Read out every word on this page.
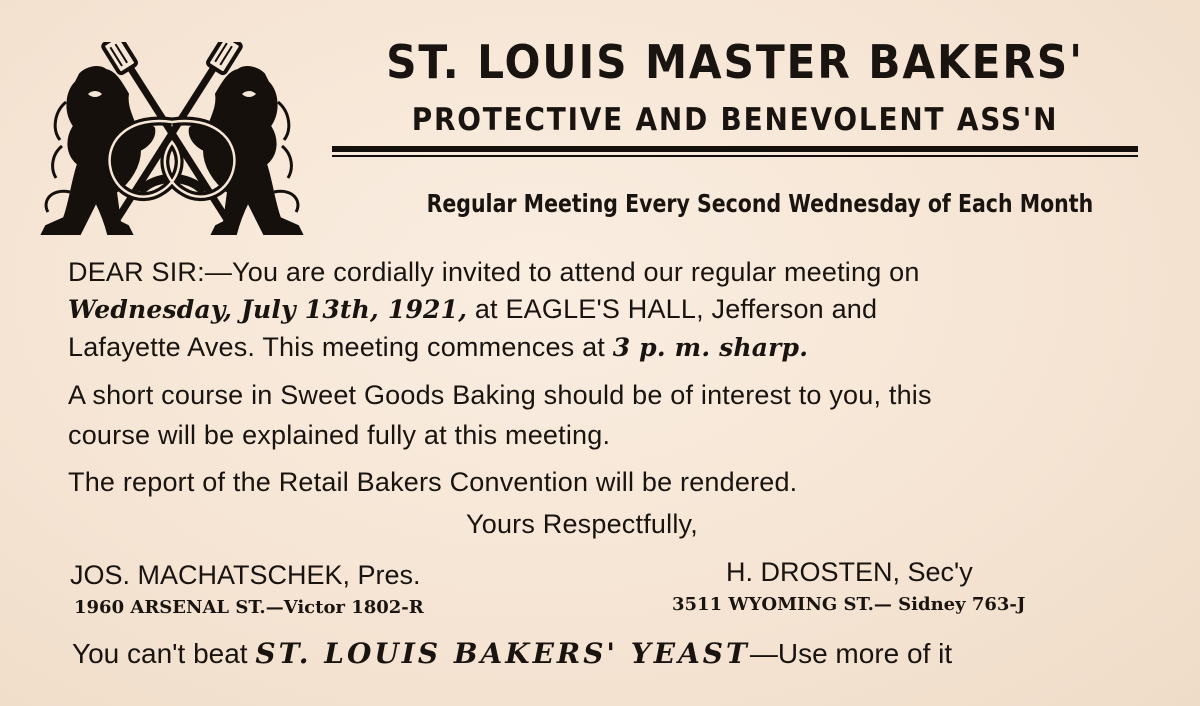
ST. LOUIS MASTER BAKERS'
PROTECTIVE AND BENEVOLENT ASS'N
Regular Meeting Every Second Wednesday of Each Month
DEAR SIR:—You are cordially invited to attend our regular meeting on
Wednesday, July 13th, 1921, at EAGLE'S HALL, Jefferson and
Lafayette Aves. This meeting commences at 3 p. m. sharp.
A short course in Sweet Goods Baking should be of interest to you, this
course will be explained fully at this meeting.
The report of the Retail Bakers Convention will be rendered.
Yours Respectfully,
JOS. MACHATSCHEK, Pres.
1960 ARSENAL ST.—Victor 1802-R
H. DROSTEN, Sec'y
3511 WYOMING ST.— Sidney 763-J
You can't beat ST. LOUIS BAKERS' YEAST—Use more of it
